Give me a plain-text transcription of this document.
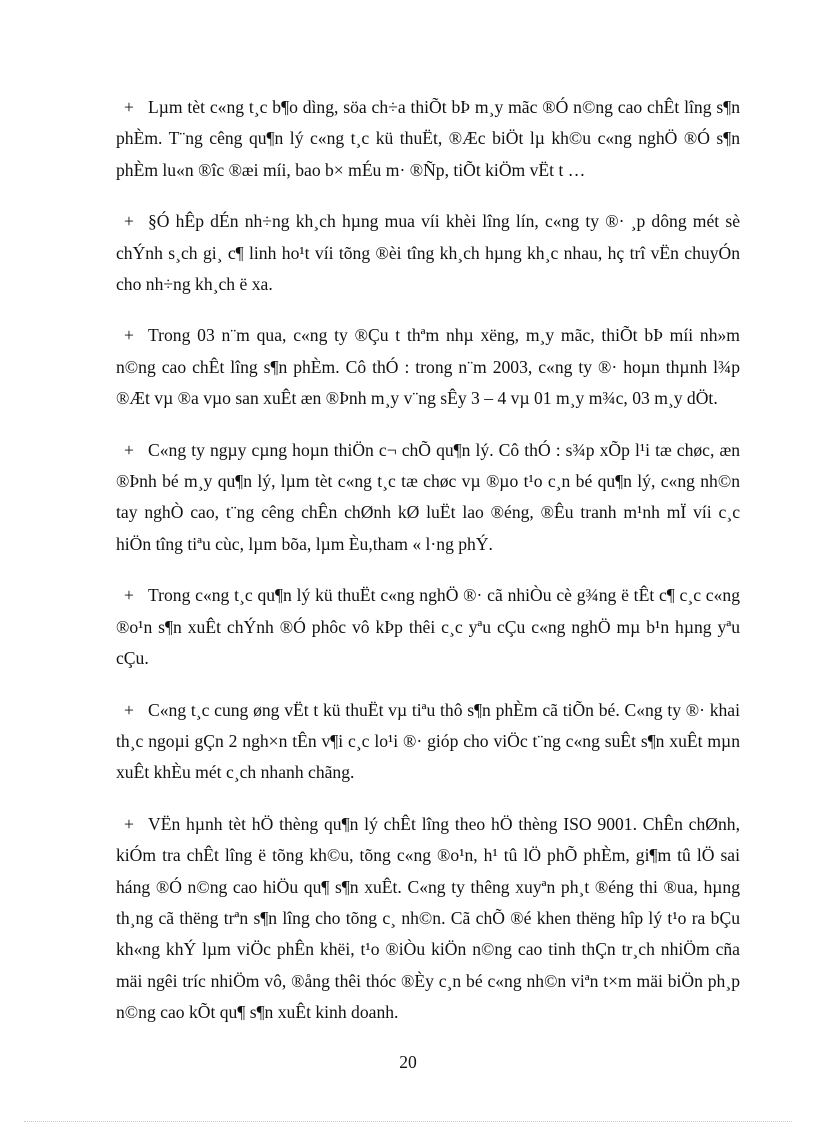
+ Lµm tèt c«ng t¸c b¶o dìng, söa ch÷a thiÕt bÞ m¸y mãc ®Ó n©ng cao chÊt lîng s¶n phÈm. T¨ng cêng qu¶n lý c«ng t¸c kü thuËt, ®Æc biÖt lµ kh©u c«ng nghÖ ®Ó s¶n phÈm lu«n ®îc ®æi míi, bao b× mÉu m· ®Ñp, tiÕt kiÖm vËt t …

+ §Ó hÊp dÉn nh÷ng kh¸ch hµng mua víi khèi lîng lín, c«ng ty ®· ¸p dông mét sè chÝnh s¸ch gi¸ c¶ linh ho¹t víi tõng ®èi tîng kh¸ch hµng kh¸c nhau, hç trî vËn chuyÓn cho nh÷ng kh¸ch ë xa.

+ Trong 03 n¨m qua, c«ng ty ®Çu t thªm nhµ xëng, m¸y mãc, thiÕt bÞ míi nh»m n©ng cao chÊt lîng s¶n phÈm. Cô thÓ : trong n¨m 2003, c«ng ty ®· hoµn thµnh l¾p ®Æt vµ ®a vµo san xuÊt æn ®Þnh m¸y v¨ng sÊy 3 – 4 vµ 01 m¸y m¾c, 03 m¸y dÖt.

+ C«ng ty ngµy cµng hoµn thiÖn c¬ chÕ qu¶n lý. Cô thÓ : s¾p xÕp l¹i tæ chøc, æn ®Þnh bé m¸y qu¶n lý, lµm tèt c«ng t¸c tæ chøc vµ ®µo t¹o c¸n bé qu¶n lý, c«ng nh©n tay nghÒ cao, t¨ng cêng chÊn chØnh kØ luËt lao ®éng, ®Êu tranh m¹nh mÏ víi c¸c hiÖn tîng tiªu cùc, lµm bõa, lµm Èu,tham « l·ng phÝ.

+ Trong c«ng t¸c qu¶n lý kü thuËt c«ng nghÖ ®· cã nhiÒu cè g¾ng ë tÊt c¶ c¸c c«ng ®o¹n s¶n xuÊt chÝnh ®Ó phôc vô kÞp thêi c¸c yªu cÇu c«ng nghÖ mµ b¹n hµng yªu cÇu.

+ C«ng t¸c cung øng vËt t kü thuËt vµ tiªu thô s¶n phÈm cã tiÕn bé. C«ng ty ®· khai th¸c ngoµi gÇn 2 ngh×n tÊn v¶i c¸c lo¹i ®· gióp cho viÖc t¨ng c«ng suÊt s¶n xuÊt mµn xuÊt khÈu mét c¸ch nhanh chãng.

+ VËn hµnh tèt hÖ thèng qu¶n lý chÊt lîng theo hÖ thèng ISO 9001. ChÊn chØnh, kiÓm tra chÊt lîng ë tõng kh©u, tõng c«ng ®o¹n, h¹ tû lÖ phÕ phÈm, gi¶m tû lÖ sai háng ®Ó n©ng cao hiÖu qu¶ s¶n xuÊt. C«ng ty thêng xuyªn ph¸t ®éng thi ®ua, hµng th¸ng cã thëng trªn s¶n lîng cho tõng c¸ nh©n. Cã chÕ ®é khen thëng hîp lý t¹o ra bÇu kh«ng khÝ lµm viÖc phÊn khëi, t¹o ®iÒu kiÖn n©ng cao tinh thÇn tr¸ch nhiÖm cña mäi ngêi tríc nhiÖm vô, ®ång thêi thóc ®Èy c¸n bé c«ng nh©n viªn t×m mäi biÖn ph¸p n©ng cao kÕt qu¶ s¶n xuÊt kinh doanh.

20
